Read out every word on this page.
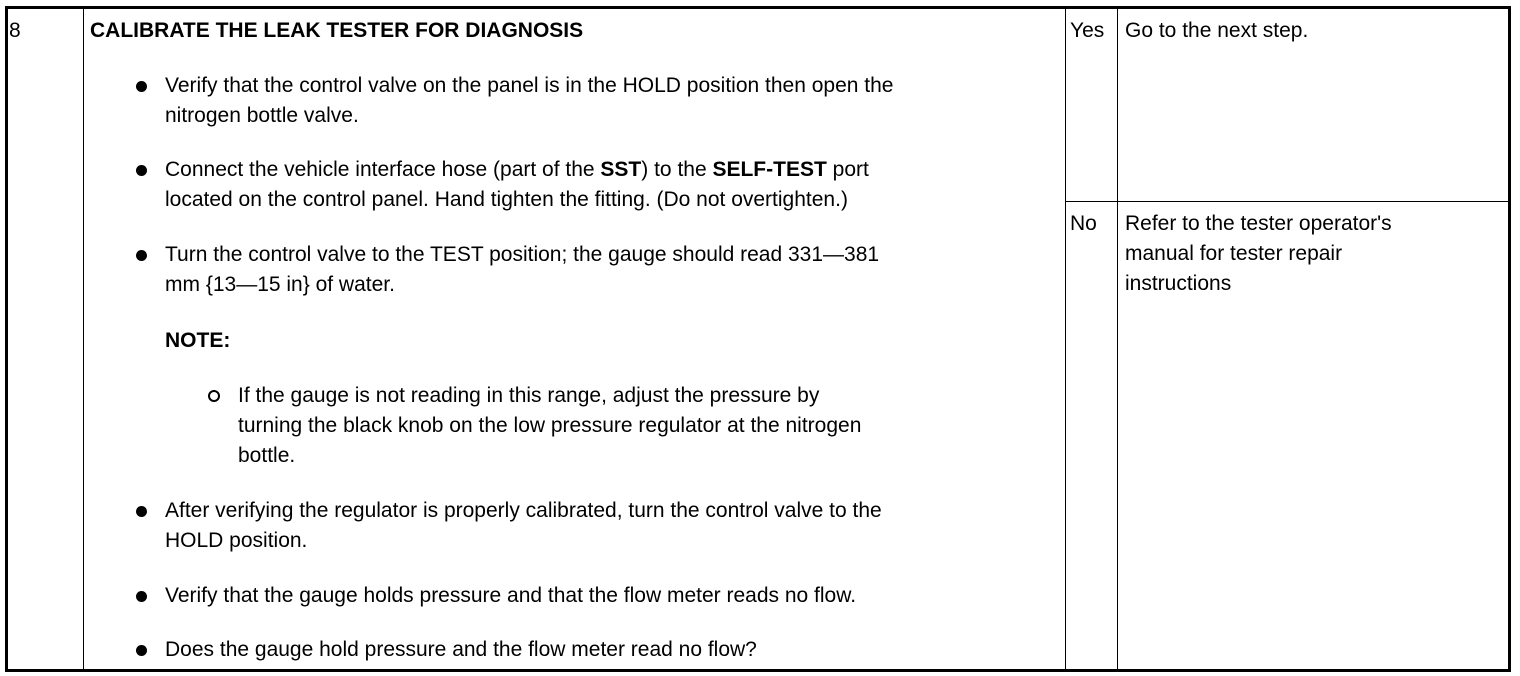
8	CALIBRATE THE LEAK TESTER FOR DIAGNOSIS
Verify that the control valve on the panel is in the HOLD position then open the
nitrogen bottle valve.
Connect the vehicle interface hose (part of the SST) to the SELF-TEST port
located on the control panel. Hand tighten the fitting. (Do not overtighten.)
Turn the control valve to the TEST position; the gauge should read 331—381
mm {13—15 in} of water.
NOTE:
If the gauge is not reading in this range, adjust the pressure by
turning the black knob on the low pressure regulator at the nitrogen
bottle.
After verifying the regulator is properly calibrated, turn the control valve to the
HOLD position.
Verify that the gauge holds pressure and that the flow meter reads no flow.
Does the gauge hold pressure and the flow meter read no flow?
Yes Go to the next step.
No Refer to the tester operator's
manual for tester repair
instructions
